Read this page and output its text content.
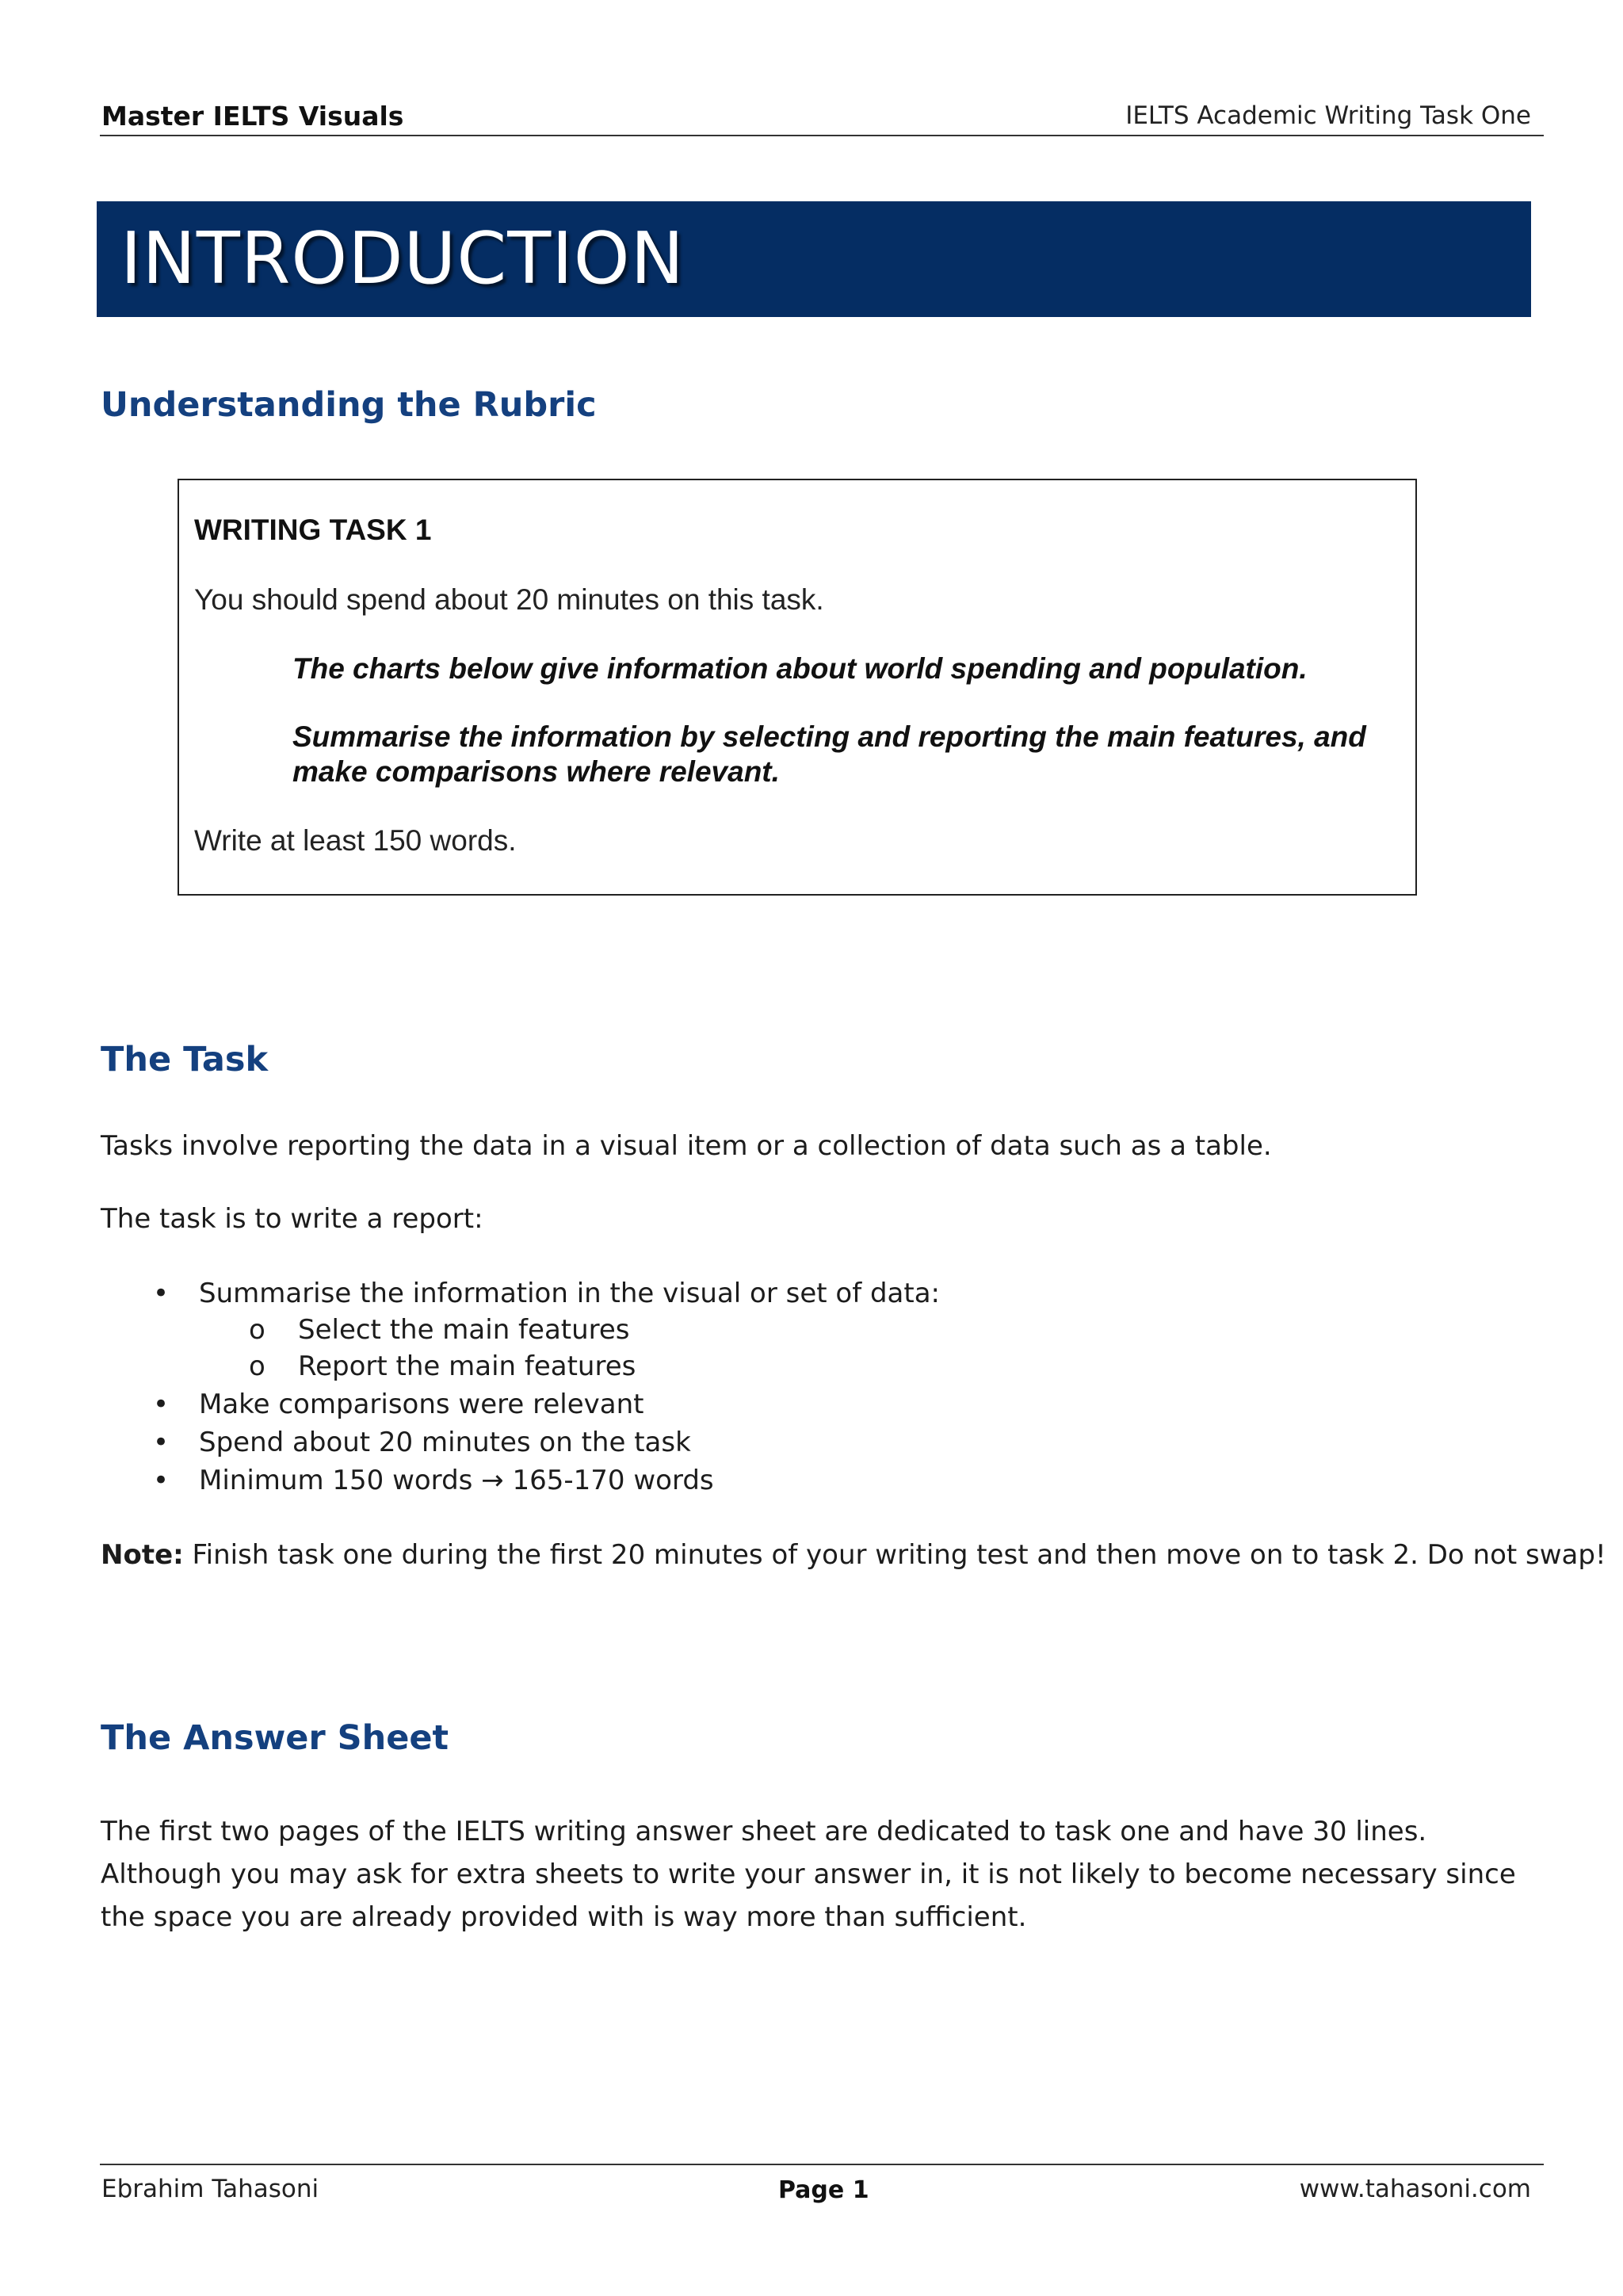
Master IELTS Visuals	IELTS Academic Writing Task One
INTRODUCTION
Understanding the Rubric
WRITING TASK 1
You should spend about 20 minutes on this task.
The charts below give information about world spending and population.
Summarise the information by selecting and reporting the main features, and make comparisons where relevant.
Write at least 150 words.
The Task

Tasks involve reporting the data in a visual item or a collection of data such as a table.

The task is to write a report:

• Summarise the information in the visual or set of data:
o Select the main features
o Report the main features
• Make comparisons were relevant
• Spend about 20 minutes on the task
• Minimum 150 words → 165-170 words

Note: Finish task one during the first 20 minutes of your writing test and then move on to task 2. Do not swap!

The Answer Sheet

The first two pages of the IELTS writing answer sheet are dedicated to task one and have 30 lines. Although you may ask for extra sheets to write your answer in, it is not likely to become necessary since the space you are already provided with is way more than sufficient.

Ebrahim Tahasoni	Page 1	www.tahasoni.com
